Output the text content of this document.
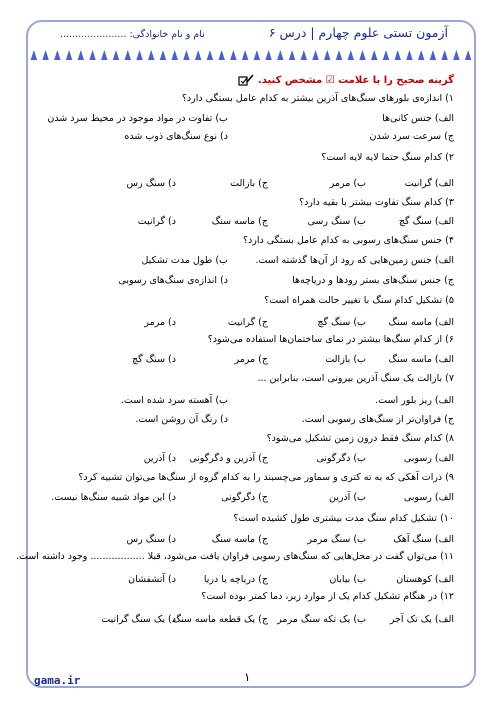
آزمون تستی علوم چهارم | درس ۶
نام و نام خانوادگی: ......................
گزینه صحیح را با علامت ☑ مشخص کنید.
۱) اندازه‌ی بلورهای سنگ‌های آذرین بیشتر به کدام عامل بستگی دارد؟
الف) جنس کانی‌ها
ب) تفاوت در مواد موجود در محیط سرد شدن
ج) سرعت سرد شدن
د) نوع سنگ‌های ذوب شده
۲) کدام سنگ حتما لایه لایه است؟
الف) گرانیت
ب) مرمر
ج) بازالت
د) سنگ رس
۳) کدام سنگ تفاوت بیشتر با بقیه دارد؟
الف) سنگ گچ
ب) سنگ رسی
ج) ماسه سنگ
د) گرانیت
۴) جنس سنگ‌های رسوبی به کدام عامل بستگی دارد؟
الف) جنس زمین‌هایی که رود از آن‌ها گذشته است.
ب) طول مدت تشکیل
ج) جنس سنگ‌های بستر رودها و دریاچه‌ها
د) اندازه‌ی سنگ‌های رسوبی
۵) تشکیل کدام سنگ با تغییر حالت همراه است؟
الف) ماسه سنگ
ب) سنگ گچ
ج) گرانیت
د) مرمر
۶) از کدام سنگ‌ها بیشتر در نمای ساختمان‌ها استفاده می‌شود؟
الف) ماسه سنگ
ب) بازالت
ج) مرمر
د) سنگ گچ
۷) بازالت یک سنگ آذرین بیرونی است، بنابراین ...
الف) ریز بلور است.
ب) آهسته سرد شده است.
ج) فراوان‌تر از سنگ‌های رسوبی است.
د) رنگ آن روشن است.
۸) کدام سنگ فقط درون زمین تشکیل می‌شود؟
الف) رسوبی
ب) دگرگونی
ج) آذرین و دگرگونی
د) آذرین
۹) ذرات آهکی که به ته کتری و سماور می‌چسبند را به کدام گروه از سنگ‌ها می‌توان تشبیه کرد؟
الف) رسوبی
ب) آذرین
ج) دگرگونی
د) این مواد شبیه سنگ‌ها نیست.
۱۰) تشکیل کدام سنگ مدت بیشتری طول کشیده است؟
الف) سنگ آهک
ب) سنگ مرمر
ج) ماسه سنگ
د) سنگ رس
۱۱) می‌توان گفت در محل‌هایی که سنگ‌های رسوبی فراوان یافت می‌شود، قبلا .................. وجود داشته است.
الف) کوهستان
ب) بیابان
ج) دریاچه یا دریا
د) آتشفشان
۱۲) در هنگام تشکیل کدام یک از موارد زیر، دما کمتر بوده است؟
الف) یک تک آجر
ب) یک تکه سنگ مرمر
ج) یک قطعه ماسه سنگ
د) یک سنگ گرانیت
gama.ir	۱
